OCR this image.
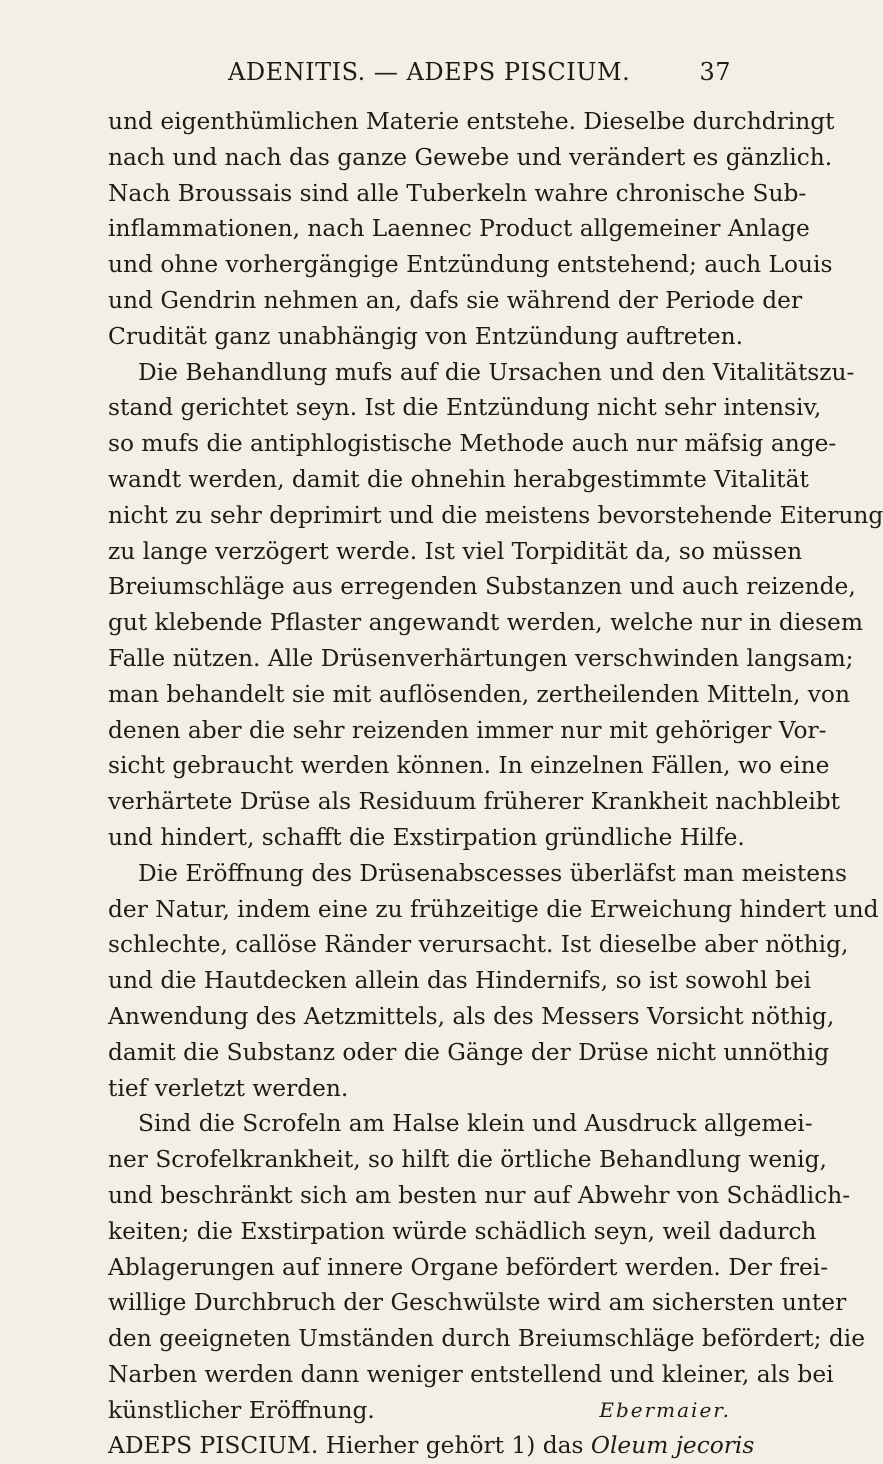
ADENITIS. — ADEPS PISCIUM.	37
und eigenthümlichen Materie entstehe. Dieselbe durchdringt
nach und nach das ganze Gewebe und verändert es gänzlich.
Nach Broussais sind alle Tuberkeln wahre chronische Sub-
inflammationen, nach Laennec Product allgemeiner Anlage
und ohne vorhergängige Entzündung entstehend; auch Louis
und Gendrin nehmen an, dafs sie während der Periode der
Crudität ganz unabhängig von Entzündung auftreten.
Die Behandlung mufs auf die Ursachen und den Vitalitätszu-
stand gerichtet seyn. Ist die Entzündung nicht sehr intensiv,
so mufs die antiphlogistische Methode auch nur mäfsig ange-
wandt werden, damit die ohnehin herabgestimmte Vitalität
nicht zu sehr deprimirt und die meistens bevorstehende Eiterung
zu lange verzögert werde. Ist viel Torpidität da, so müssen
Breiumschläge aus erregenden Substanzen und auch reizende,
gut klebende Pflaster angewandt werden, welche nur in diesem
Falle nützen. Alle Drüsenverhärtungen verschwinden langsam;
man behandelt sie mit auflösenden, zertheilenden Mitteln, von
denen aber die sehr reizenden immer nur mit gehöriger Vor-
sicht gebraucht werden können. In einzelnen Fällen, wo eine
verhärtete Drüse als Residuum früherer Krankheit nachbleibt
und hindert, schafft die Exstirpation gründliche Hilfe.
Die Eröffnung des Drüsenabscesses überläfst man meistens
der Natur, indem eine zu frühzeitige die Erweichung hindert und
schlechte, callöse Ränder verursacht. Ist dieselbe aber nöthig,
und die Hautdecken allein das Hindernifs, so ist sowohl bei
Anwendung des Aetzmittels, als des Messers Vorsicht nöthig,
damit die Substanz oder die Gänge der Drüse nicht unnöthig
tief verletzt werden.
Sind die Scrofeln am Halse klein und Ausdruck allgemei-
ner Scrofelkrankheit, so hilft die örtliche Behandlung wenig,
und beschränkt sich am besten nur auf Abwehr von Schädlich-
keiten; die Exstirpation würde schädlich seyn, weil dadurch
Ablagerungen auf innere Organe befördert werden. Der frei-
willige Durchbruch der Geschwülste wird am sichersten unter
den geeigneten Umständen durch Breiumschläge befördert; die
Narben werden dann weniger entstellend und kleiner, als bei
künstlicher Eröffnung.	Ebermaier.
ADEPS PISCIUM. Hierher gehört 1) das Oleum jecoris
